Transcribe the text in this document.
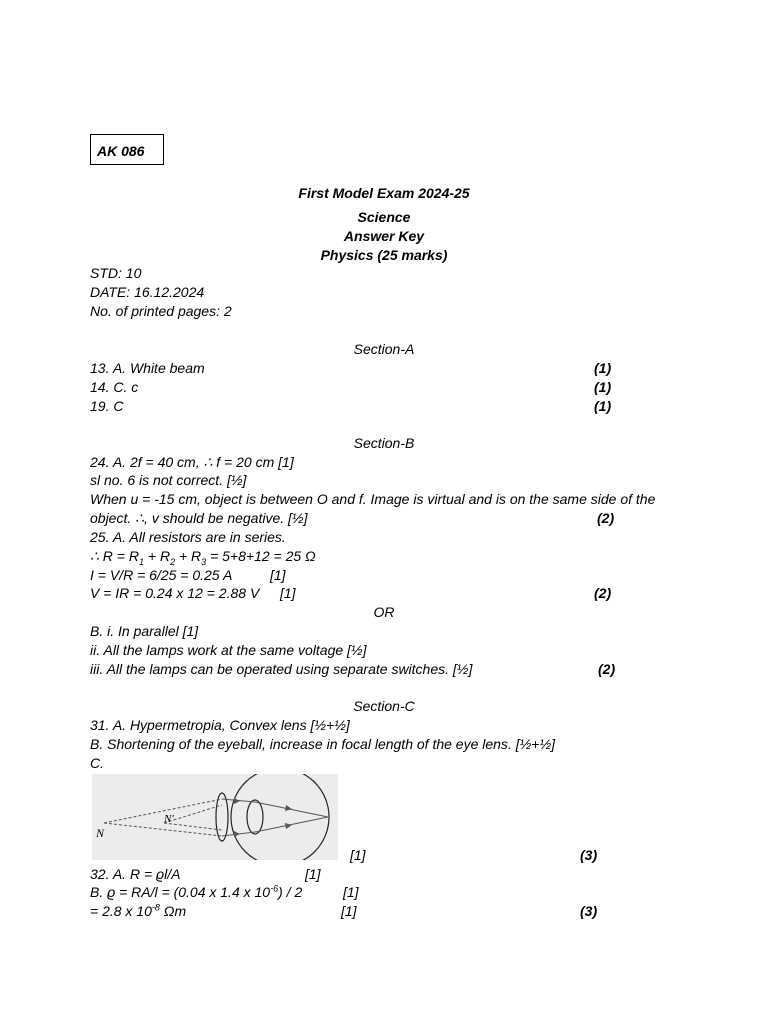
AK 086
First Model Exam 2024-25
Science
Answer Key
Physics (25 marks)
STD: 10
DATE: 16.12.2024
No. of printed pages: 2
Section-A
13. A. White beam	(1)
14. C. c	(1)
19. C	(1)
Section-B
24. A. 2f = 40 cm, ∴ f = 20 cm [1]
sl no. 6 is not correct. [½]
When u = -15 cm, object is between O and f. Image is virtual and is on the same side of the
object. ∴, v should be negative. [½]	(2)
25. A. All resistors are in series.
∴ $R = R_1 + R_2 + R_3 = 5+8+12 = 25$ Ω
I = V/R = 6/25 = 0.25 A	[1]
V = IR = 0.24 x 12 = 2.88 V [1]	(2)
OR
B. i. In parallel [1]
ii. All the lamps work at the same voltage [½]
iii. All the lamps can be operated using separate switches. [½]	(2)
Section-C
31. A. Hypermetropia, Convex lens [½+½]
B. Shortening of the eyeball, increase in focal length of the eye lens. [½+½]
C.
N
N'
[1]	(3)
32. A. R = ϱl/A	[1]
B. ϱ = RA/l = (0.04 x 1.4 x $10^{-6}) / 2$	[1]
= 2.8 x $10^{-8}$ Ωm	[1]	(3)
